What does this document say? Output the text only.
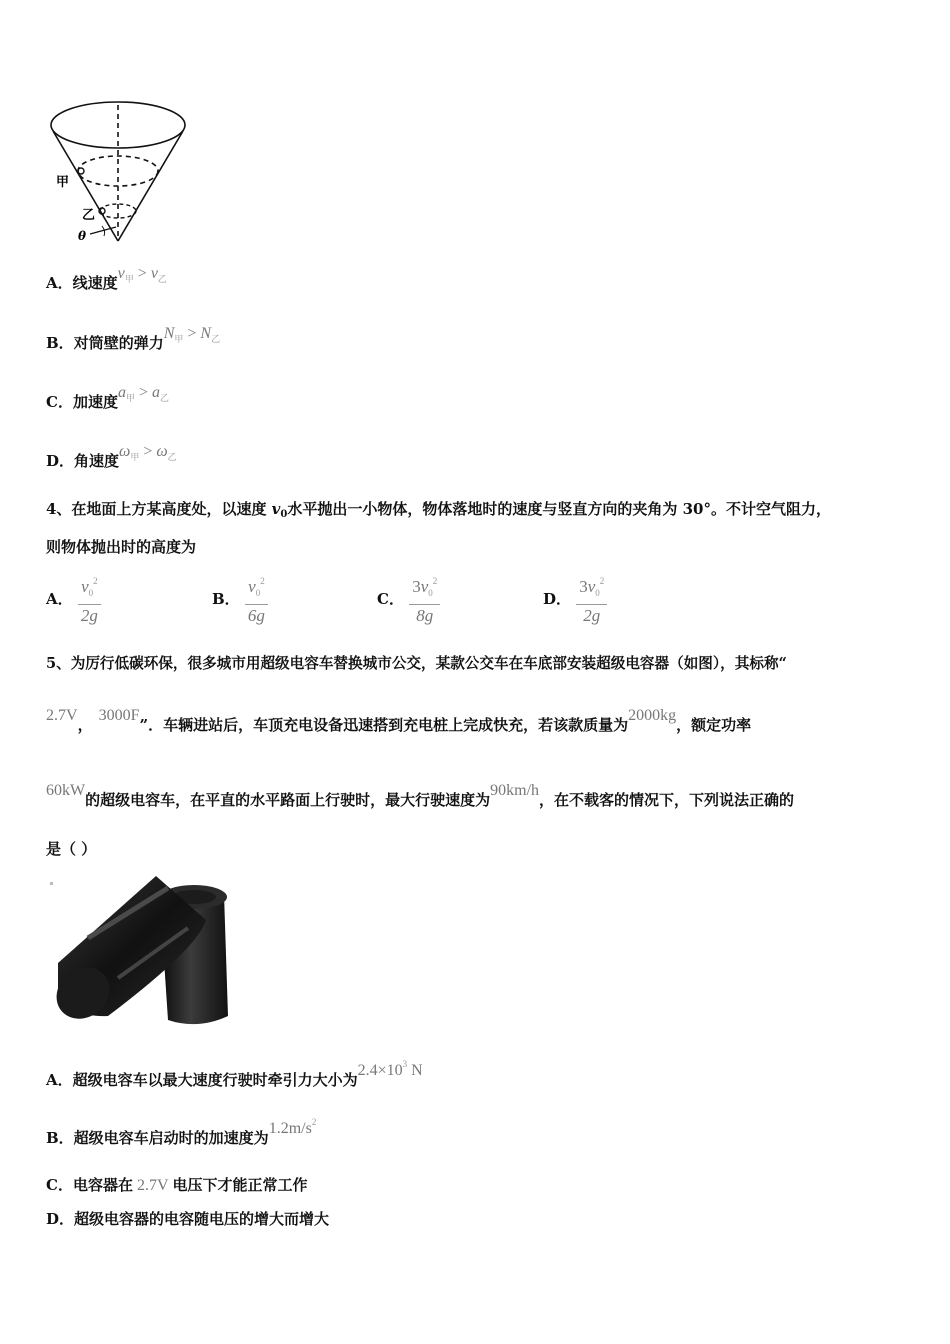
甲
乙
θ
A．线速度$v_甲 > v_乙$
B．对筒壁的弹力$N_甲 > N_乙$
C．加速度$a_甲 > a_乙$
D．角速度$\omega_甲 > \omega_乙$
4、在地面上方某高度处，以速度 $v_0$水平抛出一小物体，物体落地时的速度与竖直方向的夹角为 30°。不计空气阻力，
则物体抛出时的高度为
A． $\frac{v_0^2}{2g}$	B． $\frac{v_0^2}{6g}$	C． $\frac{3v_0^2}{8g}$	D． $\frac{3v_0^2}{2g}$
5、为厉行低碳环保，很多城市用超级电容车替换城市公交，某款公交车在车底部安装超级电容器（如图），其标称“
2.7V，3000F”．车辆进站后，车顶充电设备迅速搭到充电桩上完成快充，若该款质量为2000kg，额定功率
60kW的超级电容车，在平直的水平路面上行驶时，最大行驶速度为90km/h，在不载客的情况下，下列说法正确的
是（ ）
A．超级电容车以最大速度行驶时牵引力大小为$2.4\times 10^3$ N
B．超级电容车启动时的加速度为$1.2m/s^2$
C．电容器在 2.7V 电压下才能正常工作
D．超级电容器的电容随电压的增大而增大
